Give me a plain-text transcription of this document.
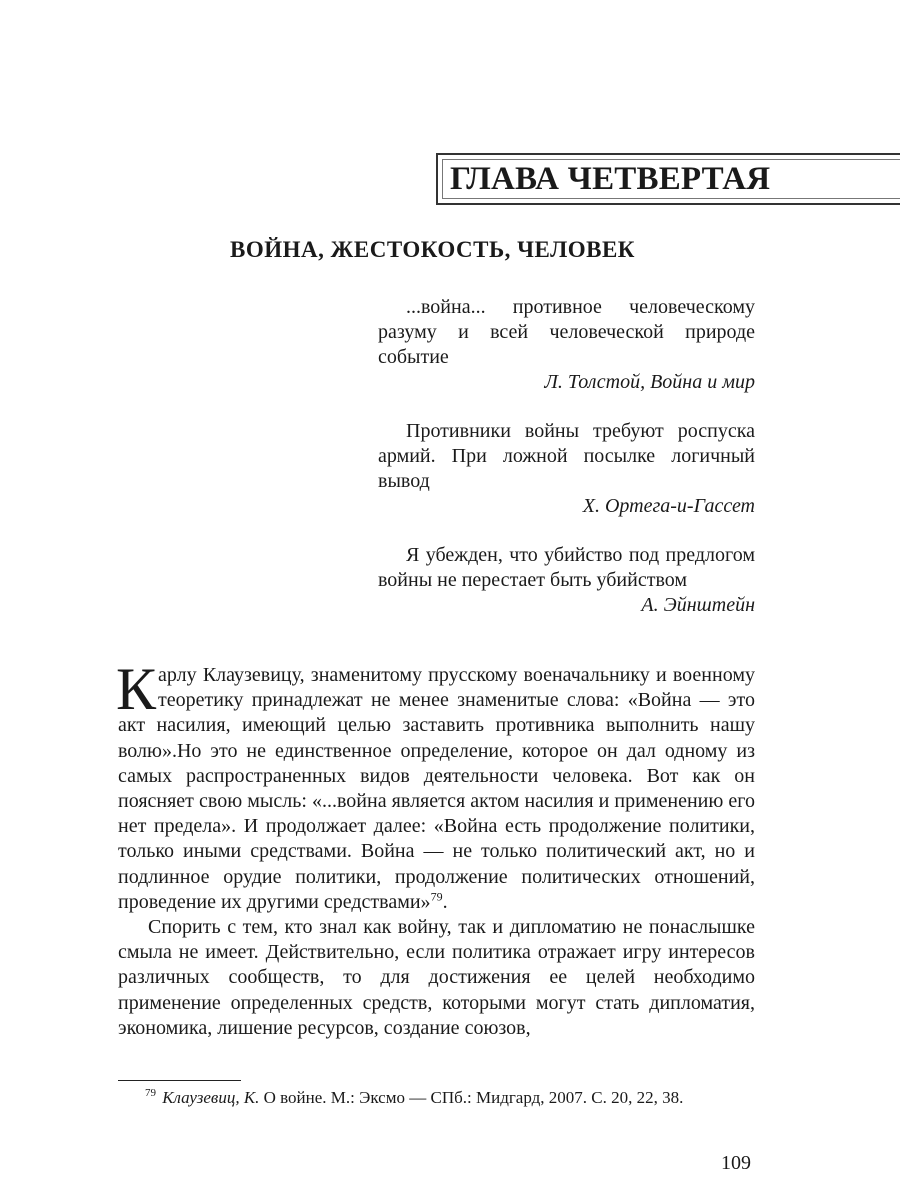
ГЛАВА ЧЕТВЕРТАЯ
ВОЙНА, ЖЕСТОКОСТЬ, ЧЕЛОВЕК
...война... противное человеческому разуму и всей человеческой природе событие
Л. Толстой, Война и мир
Противники войны требуют роспуска армий. При ложной посылке логичный вывод
Х. Ортега-и-Гассет
Я убежден, что убийство под предлогом войны не перестает быть убийством
А. Эйнштейн

Карлу Клаузевицу, знаменитому прусскому военачальнику и военному теоретику принадлежат не менее знаменитые слова: «Война — это акт насилия, имеющий целью заставить противника выполнить нашу волю».Но это не единственное определение, которое он дал одному из самых распространенных видов деятельности человека. Вот как он поясняет свою мысль: «...война является актом насилия и применению его нет предела». И продолжает далее: «Война есть продолжение политики, только иными средствами. Война — не только политический акт, но и подлинное орудие политики, продолжение политических отношений, проведение их другими средствами»$^{79}$.

Спорить с тем, кто знал как войну, так и дипломатию не понаслышке смыла не имеет. Действительно, если политика отражает игру интересов различных сообществ, то для достижения ее целей необходимо применение определенных средств, которыми могут стать дипломатия, экономика, лишение ресурсов, создание союзов,

$^{79}$ Клаузевиц, К. О войне. М.: Эксмо — СПб.: Мидгард, 2007. С. 20, 22, 38.
109
